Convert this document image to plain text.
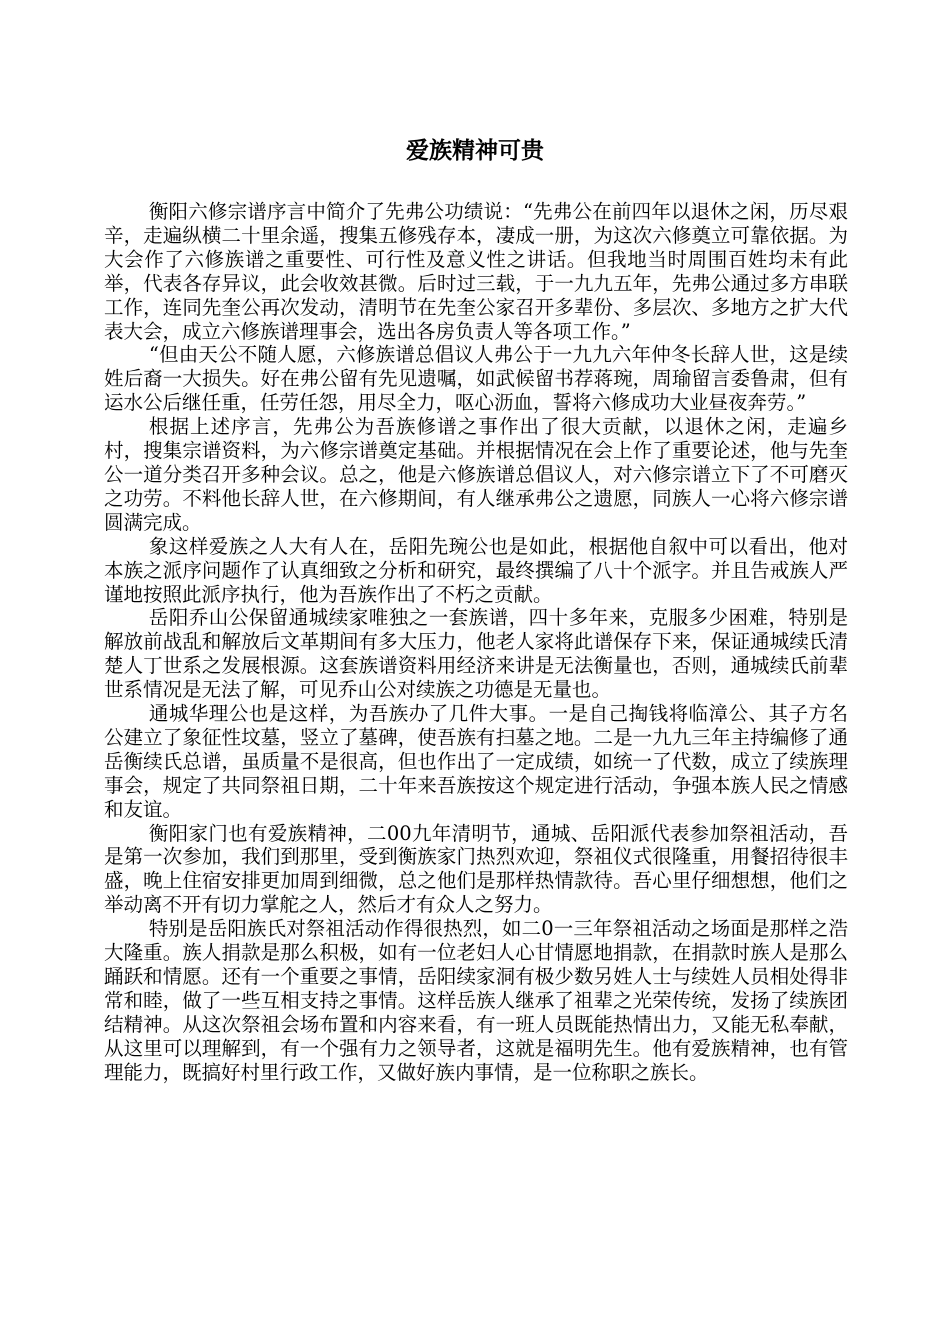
爱族精神可贵

衡阳六修宗谱序言中简介了先弗公功绩说：“先弗公在前四年以退休之闲，历尽艰辛，走遍纵横二十里余遥，搜集五修残存本，凄成一册，为这次六修奠立可靠依据。为大会作了六修族谱之重要性、可行性及意义性之讲话。但我地当时周围百姓均未有此举，代表各存异议，此会收效甚微。后时过三载，于一九九五年，先弗公通过多方串联工作，连同先奎公再次发动，清明节在先奎公家召开多辈份、多层次、多地方之扩大代表大会，成立六修族谱理事会，选出各房负责人等各项工作。”

“但由天公不随人愿，六修族谱总倡议人弗公于一九九六年仲冬长辞人世，这是续姓后裔一大损失。好在弗公留有先见遗嘱，如武候留书荐蒋琬，周瑜留言委鲁肃，但有运水公后继任重，任劳任怨，用尽全力，呕心沥血，誓将六修成功大业昼夜奔劳。”

根据上述序言，先弗公为吾族修谱之事作出了很大贡献，以退休之闲，走遍乡村，搜集宗谱资料，为六修宗谱奠定基础。并根据情况在会上作了重要论述，他与先奎公一道分类召开多种会议。总之，他是六修族谱总倡议人，对六修宗谱立下了不可磨灭之功劳。不料他长辞人世，在六修期间，有人继承弗公之遗愿，同族人一心将六修宗谱圆满完成。

象这样爱族之人大有人在，岳阳先琬公也是如此，根据他自叙中可以看出，他对本族之派序问题作了认真细致之分析和研究，最终撰编了八十个派字。并且告戒族人严谨地按照此派序执行，他为吾族作出了不朽之贡献。

岳阳乔山公保留通城续家唯独之一套族谱，四十多年来，克服多少困难，特别是解放前战乱和解放后文革期间有多大压力，他老人家将此谱保存下来，保证通城续氏清楚人丁世系之发展根源。这套族谱资料用经济来讲是无法衡量也，否则，通城续氏前辈世系情况是无法了解，可见乔山公对续族之功德是无量也。

通城华理公也是这样，为吾族办了几件大事。一是自己掏钱将临漳公、其子方名公建立了象征性坟墓，竖立了墓碑，使吾族有扫墓之地。二是一九九三年主持编修了通岳衡续氏总谱，虽质量不是很高，但也作出了一定成绩，如统一了代数，成立了续族理事会，规定了共同祭祖日期，二十年来吾族按这个规定进行活动，争强本族人民之情感和友谊。

衡阳家门也有爱族精神，二00九年清明节，通城、岳阳派代表参加祭祖活动，吾是第一次参加，我们到那里，受到衡族家门热烈欢迎，祭祖仪式很隆重，用餐招待很丰盛，晚上住宿安排更加周到细微，总之他们是那样热情款待。吾心里仔细想想，他们之举动离不开有切力掌舵之人，然后才有众人之努力。

特别是岳阳族氏对祭祖活动作得很热烈，如二0一三年祭祖活动之场面是那样之浩大隆重。族人捐款是那么积极，如有一位老妇人心甘情愿地捐款，在捐款时族人是那么踊跃和情愿。还有一个重要之事情，岳阳续家洞有极少数另姓人士与续姓人员相处得非常和睦，做了一些互相支持之事情。这样岳族人继承了祖辈之光荣传统，发扬了续族团结精神。从这次祭祖会场布置和内容来看，有一班人员既能热情出力，又能无私奉献，从这里可以理解到，有一个强有力之领导者，这就是福明先生。他有爱族精神，也有管理能力，既搞好村里行政工作，又做好族内事情，是一位称职之族长。
